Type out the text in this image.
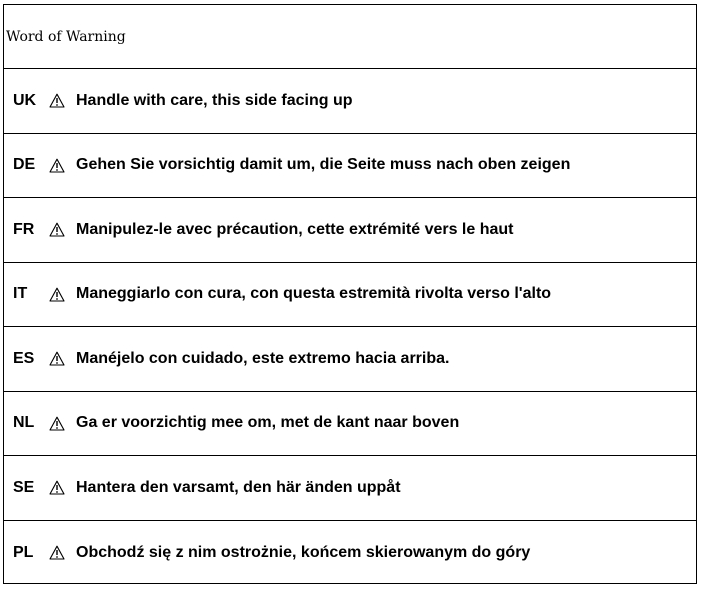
Word of Warning
UK	Handle with care, this side facing up
DE	Gehen Sie vorsichtig damit um, die Seite muss nach oben zeigen
FR	Manipulez-le avec précaution, cette extrémité vers le haut
IT	Maneggiarlo con cura, con questa estremità rivolta verso l'alto
ES	Manéjelo con cuidado, este extremo hacia arriba.
NL	Ga er voorzichtig mee om, met de kant naar boven
SE	Hantera den varsamt, den här änden uppåt
PL	Obchodź się z nim ostrożnie, końcem skierowanym do góry
